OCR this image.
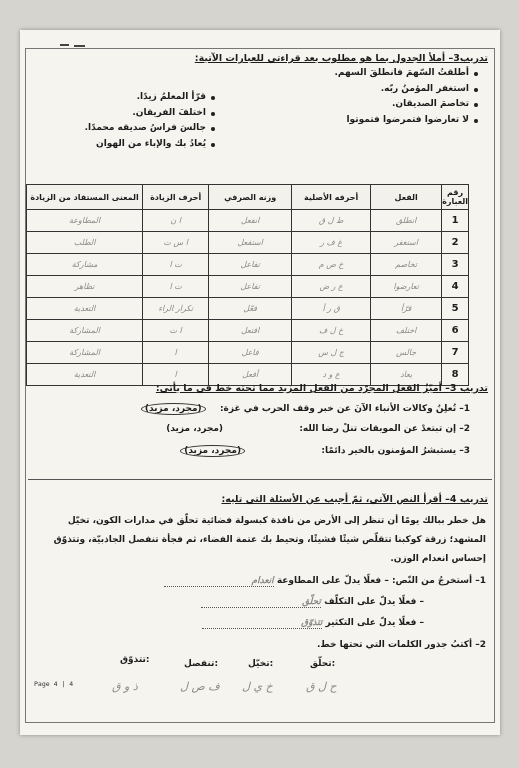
تدريب3– أملأ الجدول بما هو مطلوب بعد قراءتي للعبارات الآتية:
أطلقتُ السّهمَ فانطلقَ السهم.
استغفر المؤمنُ ربّه.
تخاصمَ الصديقان.
لا تعارضوا فتمرضوا فتموتوا
قرّأ المعلمُ زيدًا.
اختلفَ الفريقان.
جالسَ فراسُ صديقه محمدًا.
يُعادُ بك والإباء من الهوان
رقم العبارة	الفعل	أحرفه الأصلية	وزنه الصرفي	أحرف الزيادة	المعنى المستفاد من الزيادة
1	انطلق	ط ل ق	انفعل	ا ن	المطاوعة
2	استغفر	غ ف ر	استفعل	ا س ت	الطلب
3	تخاصم	خ ص م	تفاعل	ت ا	مشاركة
4	تعارضوا	ع ر ض	تفاعل	ت ا	تظاهر
5	قرّأ	ق ر أ	فعّل	تكرار الراء	التعدية
6	اختلف	خ ل ف	افتعل	ا ت	المشاركة
7	جالس	ج ل س	فاعل	ا	المشاركة
8	يعاد	ع و د	أفعل	ا	التعدية
تدريب 3– أميّزُ الفعل المجرّد من الفعل المزيد مما تحته خط في ما يأتي:
1– تُعلِنُ وكالات الأنباء الآنَ عن خبر وقف الحرب في غزة:  (مجرد، مزيد)
2– إن تبتعدْ عن الموبقات تنلْ رضا الله:  (مجرد، مزيد)
3– يستبشرُ المؤمنون بالخير دائمًا:  (مجرد، مزيد)
تدريب 4– أقرأ النص الآتي، ثمّ أجيب عن الأسئلة التي تليه:
هل خطر ببالك يومًا أن تنظر إلى الأرض من نافذة كبسولة فضائية تحلّق في مدارات الكون، تخيّل
المشهد؛ زرقة كوكبنا تتقلّص شيئًا فشيئًا، وتحيط بك عتمة الفضاء، ثم فجأة تنفصل الجاذبيّة، وتتذوّق
إحساس انعدام الوزن.
1– أستخرجُ من النّص: – فعلًا يدلّ على المطاوعة انعدام
– فعلًا يدلّ على التكلّف تحلّق
– فعلًا يدلّ على التكثير تتذوّق
2– أكتبُ جذور الكلمات التي تحتها خط.
تحلّق:
تخيّل:
تنفصل:
تتذوّق:
ح ل ق
خ ي ل
ف ص ل
ذ و ق
Page 4 | 4
